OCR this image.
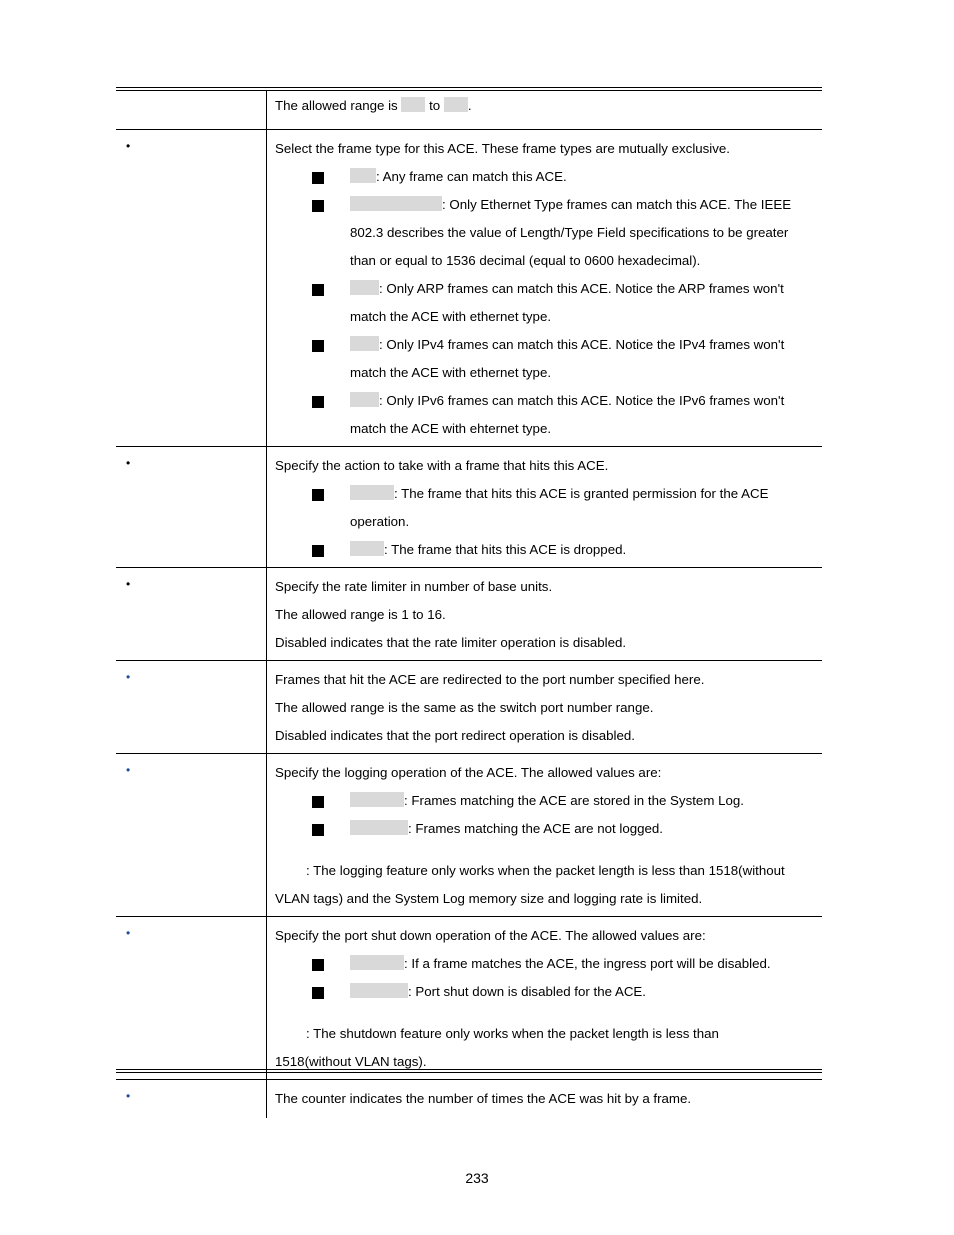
The allowed range is  to .
•	Select the frame type for this ACE. These frame types are mutually exclusive.
: Any frame can match this ACE.
: Only Ethernet Type frames can match this ACE. The IEEE 802.3 describes the value of Length/Type Field specifications to be greater than or equal to 1536 decimal (equal to 0600 hexadecimal).
: Only ARP frames can match this ACE. Notice the ARP frames won't match the ACE with ethernet type.
: Only IPv4 frames can match this ACE. Notice the IPv4 frames won't match the ACE with ethernet type.
: Only IPv6 frames can match this ACE. Notice the IPv6 frames won't match the ACE with ehternet type.
•	Specify the action to take with a frame that hits this ACE.
: The frame that hits this ACE is granted permission for the ACE operation.
: The frame that hits this ACE is dropped.
•	Specify the rate limiter in number of base units.
The allowed range is 1 to 16.
Disabled indicates that the rate limiter operation is disabled.
•	Frames that hit the ACE are redirected to the port number specified here.
The allowed range is the same as the switch port number range.
Disabled indicates that the port redirect operation is disabled.
•	Specify the logging operation of the ACE. The allowed values are:
: Frames matching the ACE are stored in the System Log.
: Frames matching the ACE are not logged.
: The logging feature only works when the packet length is less than 1518(without
VLAN tags) and the System Log memory size and logging rate is limited.
•	Specify the port shut down operation of the ACE. The allowed values are:
: If a frame matches the ACE, the ingress port will be disabled.
: Port shut down is disabled for the ACE.
: The shutdown feature only works when the packet length is less than
1518(without VLAN tags).
•	The counter indicates the number of times the ACE was hit by a frame.
233
